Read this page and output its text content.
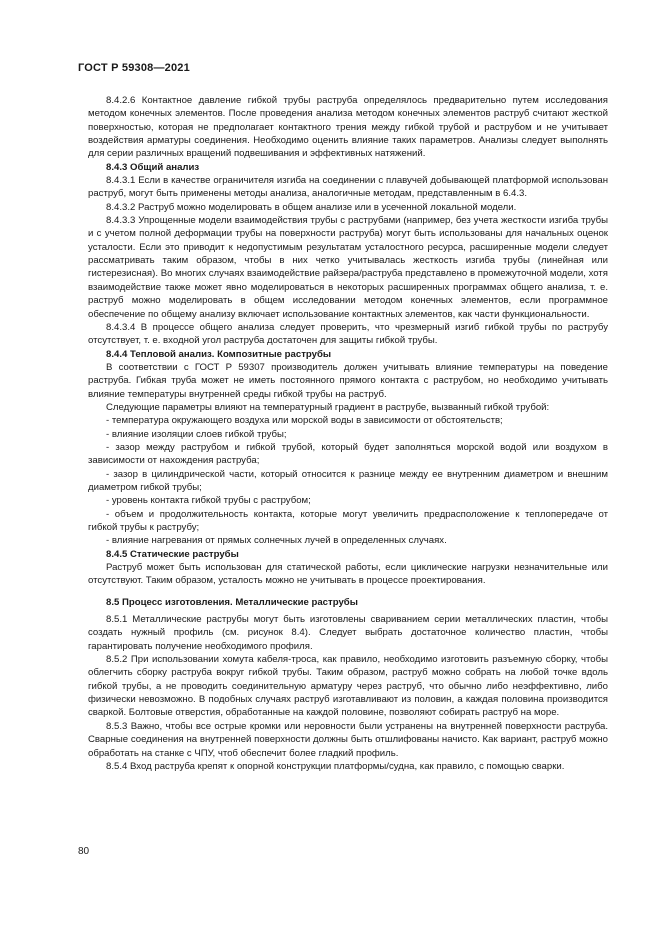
ГОСТ Р 59308—2021

8.4.2.6 Контактное давление гибкой трубы раструба определялось предварительно путем исследования методом конечных элементов. После проведения анализа методом конечных элементов раструб считают жесткой поверхностью, которая не предполагает контактного трения между гибкой трубой и раструбом и не учитывает воздействия арматуры соединения. Необходимо оценить влияние таких параметров. Анализы следует выполнять для серии различных вращений подвешивания и эффективных натяжений.

8.4.3 Общий анализ

8.4.3.1 Если в качестве ограничителя изгиба на соединении с плавучей добывающей платформой использован раструб, могут быть применены методы анализа, аналогичные методам, представленным в 6.4.3.

8.4.3.2 Раструб можно моделировать в общем анализе или в усеченной локальной модели.

8.4.3.3 Упрощенные модели взаимодействия трубы с раструбами (например, без учета жесткости изгиба трубы и с учетом полной деформации трубы на поверхности раструба) могут быть использованы для начальных оценок усталости. Если это приводит к недопустимым результатам усталостного ресурса, расширенные модели следует рассматривать таким образом, чтобы в них четко учитывалась жесткость изгиба трубы (линейная или гистерезисная). Во многих случаях взаимодействие райзера/раструба представлено в промежуточной модели, хотя взаимодействие также может явно моделироваться в некоторых расширенных программах общего анализа, т. е. раструб можно моделировать в общем исследовании методом конечных элементов, если программное обеспечение по общему анализу включает использование контактных элементов, как части функциональности.

8.4.3.4 В процессе общего анализа следует проверить, что чрезмерный изгиб гибкой трубы по раструбу отсутствует, т. е. входной угол раструба достаточен для защиты гибкой трубы.

8.4.4 Тепловой анализ. Композитные раструбы

В соответствии с ГОСТ Р 59307 производитель должен учитывать влияние температуры на поведение раструба. Гибкая труба может не иметь постоянного прямого контакта с раструбом, но необходимо учитывать влияние температуры внутренней среды гибкой трубы на раструб.

Следующие параметры влияют на температурный градиент в раструбе, вызванный гибкой трубой:

- температура окружающего воздуха или морской воды в зависимости от обстоятельств;

- влияние изоляции слоев гибкой трубы;

- зазор между раструбом и гибкой трубой, который будет заполняться морской водой или воздухом в зависимости от нахождения раструба;

- зазор в цилиндрической части, который относится к разнице между ее внутренним диаметром и внешним диаметром гибкой трубы;

- уровень контакта гибкой трубы с раструбом;

- объем и продолжительность контакта, которые могут увеличить предрасположение к теплопередаче от гибкой трубы к раструбу;

- влияние нагревания от прямых солнечных лучей в определенных случаях.

8.4.5 Статические раструбы

Раструб может быть использован для статической работы, если циклические нагрузки незначительные или отсутствуют. Таким образом, усталость можно не учитывать в процессе проектирования.

8.5 Процесс изготовления. Металлические раструбы

8.5.1 Металлические раструбы могут быть изготовлены свариванием серии металлических пластин, чтобы создать нужный профиль (см. рисунок 8.4). Следует выбрать достаточное количество пластин, чтобы гарантировать получение необходимого профиля.

8.5.2 При использовании хомута кабеля-троса, как правило, необходимо изготовить разъемную сборку, чтобы облегчить сборку раструба вокруг гибкой трубы. Таким образом, раструб можно собрать на любой точке вдоль гибкой трубы, а не проводить соединительную арматуру через раструб, что обычно либо неэффективно, либо физически невозможно. В подобных случаях раструб изготавливают из половин, а каждая половина производится сваркой. Болтовые отверстия, обработанные на каждой половине, позволяют собирать раструб на море.

8.5.3 Важно, чтобы все острые кромки или неровности были устранены на внутренней поверхности раструба. Сварные соединения на внутренней поверхности должны быть отшлифованы начисто. Как вариант, раструб можно обработать на станке с ЧПУ, чтоб обеспечит более гладкий профиль.

8.5.4 Вход раструба крепят к опорной конструкции платформы/судна, как правило, с помощью сварки.

80
